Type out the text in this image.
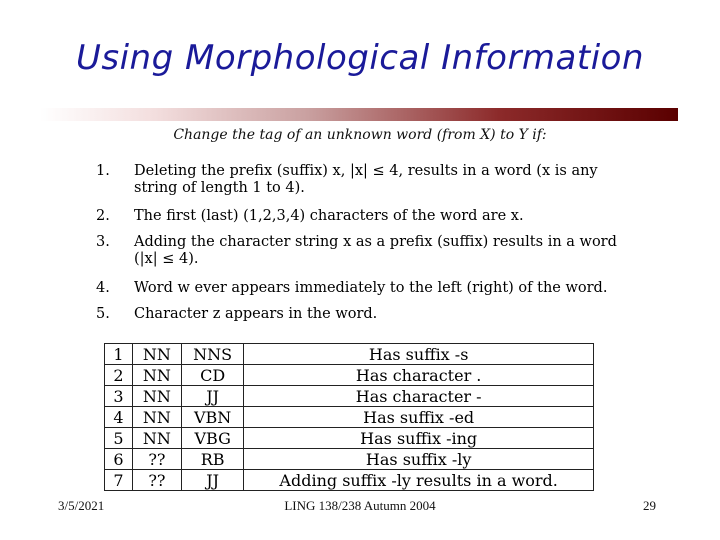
Using Morphological Information
Change the tag of an unknown word (from X) to Y if:
1.	Deleting the prefix (suffix) x, |x| ≤ 4, results in a word (x is any string of length 1 to 4).
2.	The first (last) (1,2,3,4) characters of the word are x.
3.	Adding the character string x as a prefix (suffix) results in a word (|x| ≤ 4).
4.	Word w ever appears immediately to the left (right) of the word.
5.	Character z appears in the word.
1	NN	NNS	Has suffix -s
2	NN	CD	Has character .
3	NN	JJ	Has character -
4	NN	VBN	Has suffix -ed
5	NN	VBG	Has suffix -ing
6	??	RB	Has suffix -ly
7	??	JJ	Adding suffix -ly results in a word.
3/5/2021	LING 138/238 Autumn 2004	29
